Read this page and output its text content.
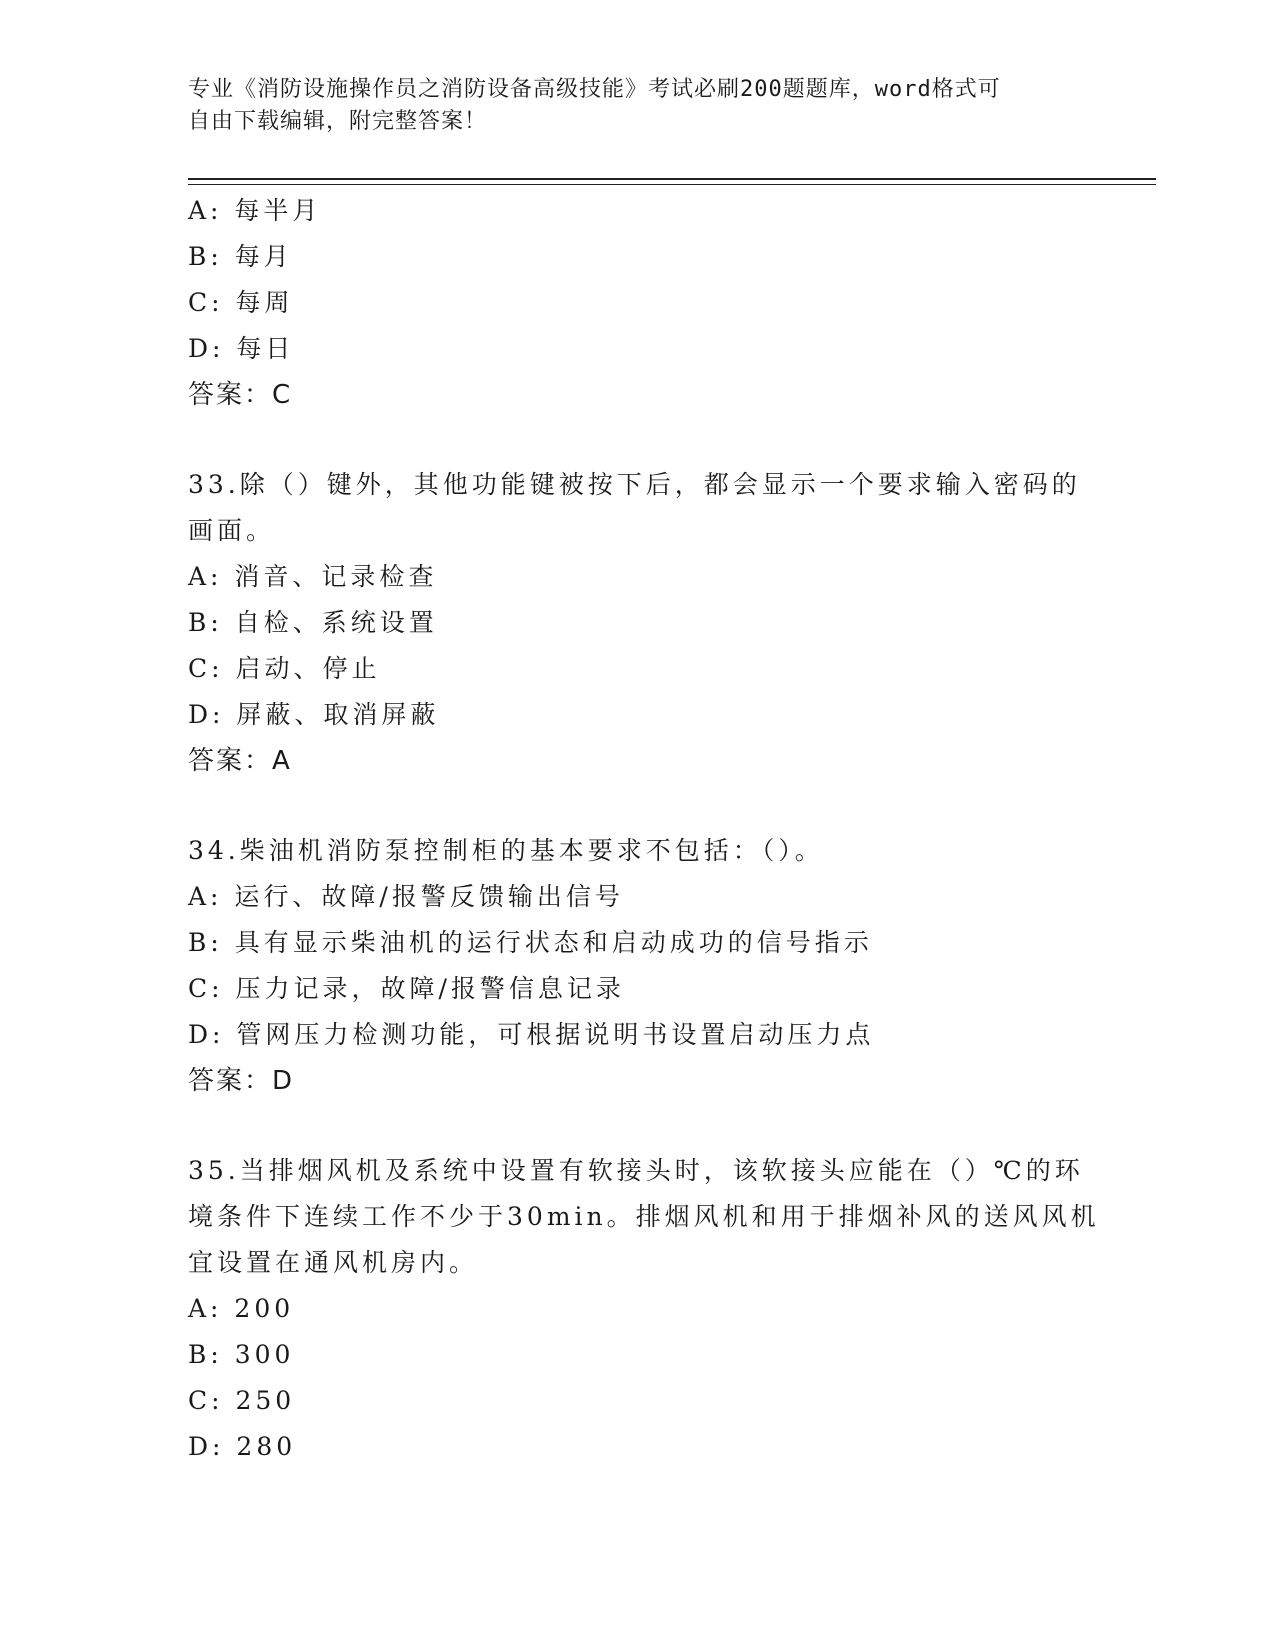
专业《消防设施操作员之消防设备高级技能》考试必刷200题题库，word格式可
自由下载编辑，附完整答案！
A: 每半月
B: 每月
C: 每周
D: 每日
答案：C
33.除（）键外，其他功能键被按下后，都会显示一个要求输入密码的
画面。
A: 消音、记录检查
B: 自检、系统设置
C: 启动、停止
D: 屏蔽、取消屏蔽
答案：A
34.柴油机消防泵控制柜的基本要求不包括：（）。
A: 运行、故障/报警反馈输出信号
B: 具有显示柴油机的运行状态和启动成功的信号指示
C: 压力记录，故障/报警信息记录
D: 管网压力检测功能，可根据说明书设置启动压力点
答案：D
35.当排烟风机及系统中设置有软接头时，该软接头应能在（）℃的环
境条件下连续工作不少于30min。排烟风机和用于排烟补风的送风风机
宜设置在通风机房内。
A: 200
B: 300
C: 250
D: 280
